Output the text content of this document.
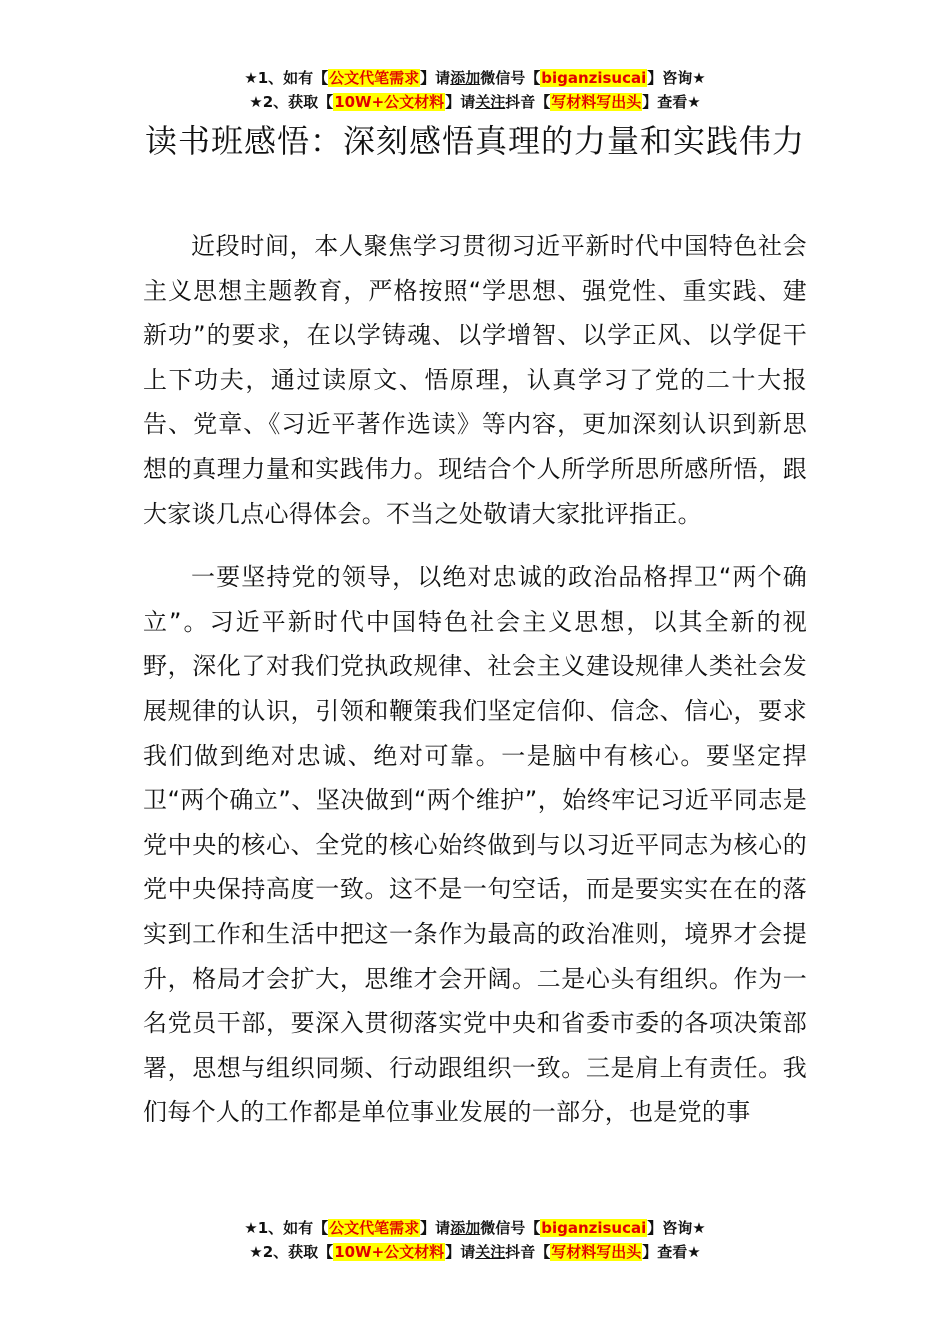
★1、如有【公文代笔需求】请添加微信号【biganzisucai】咨询★
★2、获取【10W+公文材料】请关注抖音【写材料写出头】查看★
读书班感悟：深刻感悟真理的力量和实践伟力

近段时间，本人聚焦学习贯彻习近平新时代中国特色社会主义思想主题教育，严格按照“学思想、强党性、重实践、建新功”的要求，在以学铸魂、以学增智、以学正风、以学促干上下功夫，通过读原文、悟原理，认真学习了党的二十大报告、党章、《习近平著作选读》等内容，更加深刻认识到新思想的真理力量和实践伟力。现结合个人所学所思所感所悟，跟大家谈几点心得体会。不当之处敬请大家批评指正。

一要坚持党的领导，以绝对忠诚的政治品格捍卫“两个确立”。习近平新时代中国特色社会主义思想，以其全新的视野，深化了对我们党执政规律、社会主义建设规律人类社会发展规律的认识，引领和鞭策我们坚定信仰、信念、信心，要求我们做到绝对忠诚、绝对可靠。一是脑中有核心。要坚定捍卫“两个确立”、坚决做到“两个维护”，始终牢记习近平同志是党中央的核心、全党的核心始终做到与以习近平同志为核心的党中央保持高度一致。这不是一句空话，而是要实实在在的落实到工作和生活中把这一条作为最高的政治准则，境界才会提升，格局才会扩大，思维才会开阔。二是心头有组织。作为一名党员干部，要深入贯彻落实党中央和省委市委的各项决策部署，思想与组织同频、行动跟组织一致。三是肩上有责任。我们每个人的工作都是单位事业发展的一部分，也是党的事

★1、如有【公文代笔需求】请添加微信号【biganzisucai】咨询★
★2、获取【10W+公文材料】请关注抖音【写材料写出头】查看★
